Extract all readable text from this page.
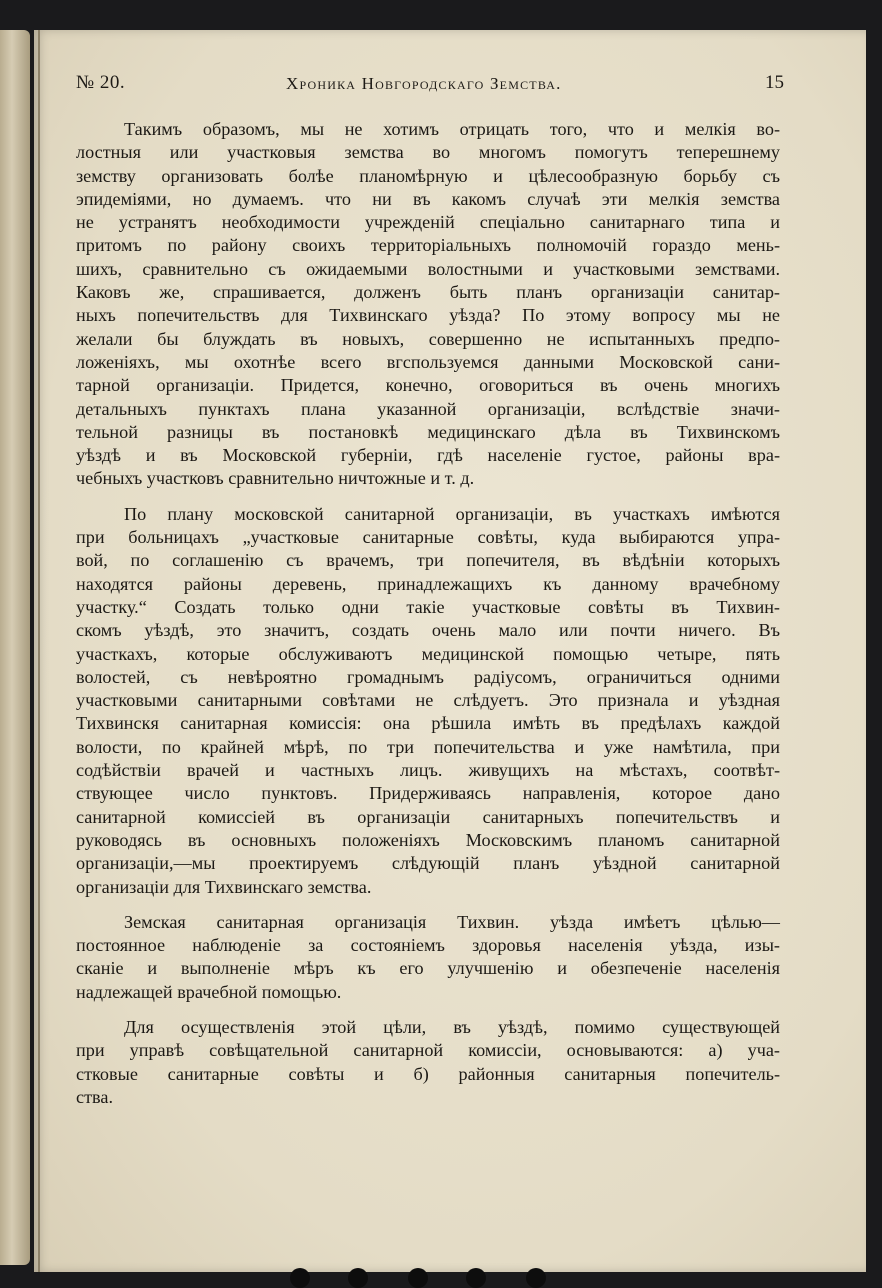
№ 20.	Хроника Новгородскаго Земства.	15
Такимъ образомъ, мы не хотимъ отрицать того, что и мелкія во-
лостныя или участковыя земства во многомъ помогутъ теперешнему
земству организовать болѣе планомѣрную и цѣлесообразную борьбу съ
эпидеміями, но думаемъ. что ни въ какомъ случаѣ эти мелкія земства
не устранятъ необходимости учрежденій спеціально санитарнаго типа и
притомъ по району своихъ территоріальныхъ полномочій гораздо мень-
шихъ, сравнительно съ ожидаемыми волостными и участковыми земствами.
Каковъ же, спрашивается, долженъ быть планъ организаціи санитар-
ныхъ попечительствъ для Тихвинскаго уѣзда? По этому вопросу мы не
желали бы блуждать въ новыхъ, совершенно не испытанныхъ предпо-
ложеніяхъ, мы охотнѣе всего вгспользуемся данными Московской сани-
тарной организаціи. Придется, конечно, оговориться въ очень многихъ
детальныхъ пунктахъ плана указанной организаціи, вслѣдствіе значи-
тельной разницы въ постановкѣ медицинскаго дѣла въ Тихвинскомъ
уѣздѣ и въ Московской губерніи, гдѣ населеніе густое, районы вра-
чебныхъ участковъ сравнительно ничтожные и т. д.
По плану московской санитарной организаціи, въ участкахъ имѣются
при больницахъ „участковые санитарные совѣты, куда выбираются упра-
вой, по соглашенію съ врачемъ, три попечителя, въ вѣдѣніи которыхъ
находятся районы деревень, принадлежащихъ къ данному врачебному
участку.“ Создать только одни такіе участковые совѣты въ Тихвин-
скомъ уѣздѣ, это значитъ, создать очень мало или почти ничего. Въ
участкахъ, которые обслуживаютъ медицинской помощью четыре, пять
волостей, съ невѣроятно громаднымъ радіусомъ, ограничиться одними
участковыми санитарными совѣтами не слѣдуетъ. Это признала и уѣздная
Тихвинскя санитарная комиссія: она рѣшила имѣть въ предѣлахъ каждой
волости, по крайней мѣрѣ, по три попечительства и уже намѣтила, при
содѣйствіи врачей и частныхъ лицъ. живущихъ на мѣстахъ, соотвѣт-
ствующее число пунктовъ. Придерживаясь направленія, которое дано
санитарной комиссіей въ организаціи санитарныхъ попечительствъ и
руководясь въ основныхъ положеніяхъ Московскимъ планомъ санитарной
организаціи,—мы проектируемъ слѣдующій планъ уѣздной санитарной
организаціи для Тихвинскаго земства.
Земская санитарная организація Тихвин. уѣзда имѣетъ цѣлью—
постоянное наблюденіе за состояніемъ здоровья населенія уѣзда, изы-
сканіе и выполненіе мѣръ къ его улучшенію и обезпеченіе населенія
надлежащей врачебной помощью.
Для осуществленія этой цѣли, въ уѣздѣ, помимо существующей
при управѣ совѣщательной санитарной комиссіи, основываются: а) уча-
стковые санитарные совѣты и б) районныя санитарныя попечитель-
ства.
